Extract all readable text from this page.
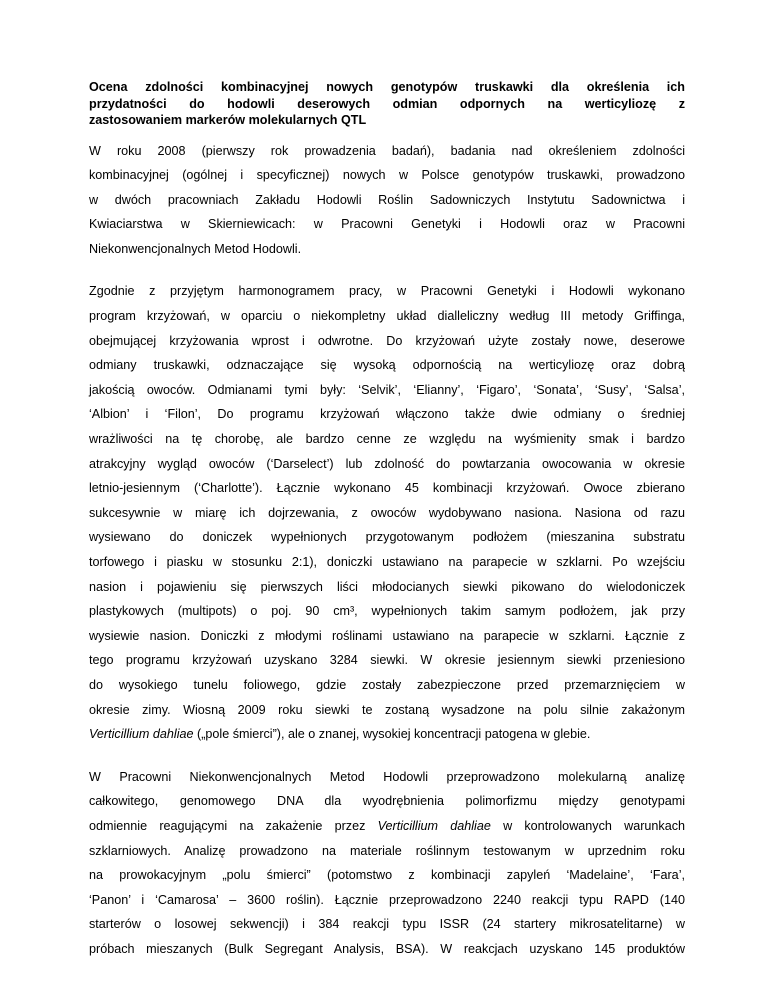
Ocena zdolności kombinacyjnej nowych genotypów truskawki dla określenia ich
przydatności do hodowli deserowych odmian odpornych na werticyliozę z
zastosowaniem markerów molekularnych QTL
W roku 2008 (pierwszy rok prowadzenia badań), badania nad określeniem zdolności
kombinacyjnej (ogólnej i specyficznej) nowych w Polsce genotypów truskawki, prowadzono
w dwóch pracowniach Zakładu Hodowli Roślin Sadowniczych Instytutu Sadownictwa i
Kwiaciarstwa w Skierniewicach: w Pracowni Genetyki i Hodowli oraz w Pracowni
Niekonwencjonalnych Metod Hodowli.
Zgodnie z przyjętym harmonogramem pracy, w Pracowni Genetyki i Hodowli wykonano
program krzyżowań, w oparciu o niekompletny układ dialleliczny według III metody Griffinga,
obejmującej krzyżowania wprost i odwrotne. Do krzyżowań użyte zostały nowe, deserowe
odmiany truskawki, odznaczające się wysoką odpornością na werticyliozę oraz dobrą
jakością owoców. Odmianami tymi były: ‘Selvik’, ‘Elianny’, ‘Figaro’, ‘Sonata’, ‘Susy’, ‘Salsa’,
‘Albion’ i ‘Filon’, Do programu krzyżowań włączono także dwie odmiany o średniej
wrażliwości na tę chorobę, ale bardzo cenne ze względu na wyśmienity smak i bardzo
atrakcyjny wygląd owoców (‘Darselect’) lub zdolność do powtarzania owocowania w okresie
letnio-jesiennym (‘Charlotte’). Łącznie wykonano 45 kombinacji krzyżowań. Owoce zbierano
sukcesywnie w miarę ich dojrzewania, z owoców wydobywano nasiona. Nasiona od razu
wysiewano do doniczek wypełnionych przygotowanym podłożem (mieszanina substratu
torfowego i piasku w stosunku 2:1), doniczki ustawiano na parapecie w szklarni. Po wzejściu
nasion i pojawieniu się pierwszych liści młodocianych siewki pikowano do wielodoniczek
plastykowych (multipots) o poj. 90 cm³, wypełnionych takim samym podłożem, jak przy
wysiewie nasion. Doniczki z młodymi roślinami ustawiano na parapecie w szklarni. Łącznie z
tego programu krzyżowań uzyskano 3284 siewki. W okresie jesiennym siewki przeniesiono
do wysokiego tunelu foliowego, gdzie zostały zabezpieczone przed przemarznięciem w
okresie zimy. Wiosną 2009 roku siewki te zostaną wysadzone na polu silnie zakażonym
Verticillium dahliae („pole śmierci”), ale o znanej, wysokiej koncentracji patogena w glebie.
W Pracowni Niekonwencjonalnych Metod Hodowli przeprowadzono molekularną analizę
całkowitego, genomowego DNA dla wyodrębnienia polimorfizmu między genotypami
odmiennie reagującymi na zakażenie przez Verticillium dahliae w kontrolowanych warunkach
szklarniowych. Analizę prowadzono na materiale roślinnym testowanym w uprzednim roku
na prowokacyjnym „polu śmierci” (potomstwo z kombinacji zapyleń ‘Madelaine’, ‘Fara’,
‘Panon’ i ‘Camarosa’ – 3600 roślin). Łącznie przeprowadzono 2240 reakcji typu RAPD (140
starterów o losowej sekwencji) i 384 reakcji typu ISSR (24 startery mikrosatelitarne) w
próbach mieszanych (Bulk Segregant Analysis, BSA). W reakcjach uzyskano 145 produktów
